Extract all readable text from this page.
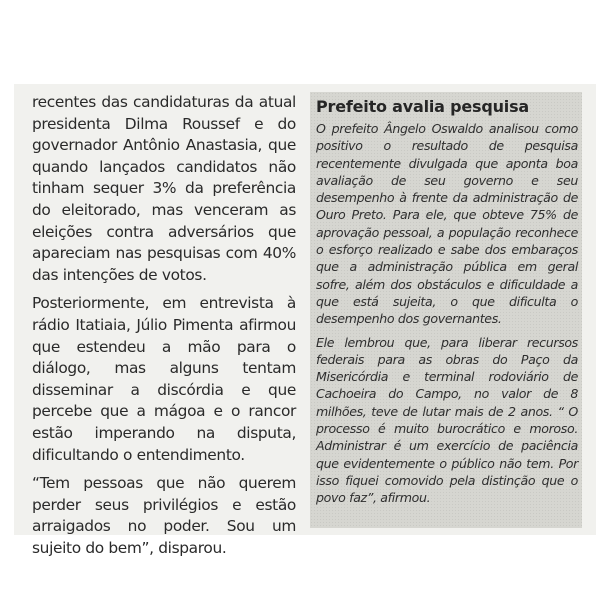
recentes das candidaturas da atual presidenta Dilma Roussef e do governador Antônio Anastasia, que quando lançados candidatos não tinham sequer 3% da preferência do eleitorado, mas venceram as eleições contra adversários que apareciam nas pesquisas com 40% das intenções de votos.

Posteriormente, em entrevista à rádio Itatiaia, Júlio Pimenta afirmou que estendeu a mão para o diálogo, mas alguns tentam disseminar a discórdia e que percebe que a mágoa e o rancor estão imperando na disputa, dificultando o entendimento.

“Tem pessoas que não querem perder seus privilégios e estão arraigados no poder. Sou um sujeito do bem”, disparou.

Prefeito avalia pesquisa

O prefeito Ângelo Oswaldo analisou como positivo o resultado de pesquisa recentemente divulgada que aponta boa avaliação de seu governo e seu desempenho à frente da administração de Ouro Preto. Para ele, que obteve 75% de aprovação pessoal, a população reconhece o esforço realizado e sabe dos embaraços que a administração pública em geral sofre, além dos obstáculos e dificuldade a que está sujeita, o que dificulta o desempenho dos governantes.

Ele lembrou que, para liberar recursos federais para as obras do Paço da Misericórdia e terminal rodoviário de Cachoeira do Campo, no valor de 8 milhões, teve de lutar mais de 2 anos. “ O processo é muito burocrático e moroso. Administrar é um exercício de paciência que evidentemente o público não tem. Por isso fiquei comovido pela distinção que o povo faz”, afirmou.
